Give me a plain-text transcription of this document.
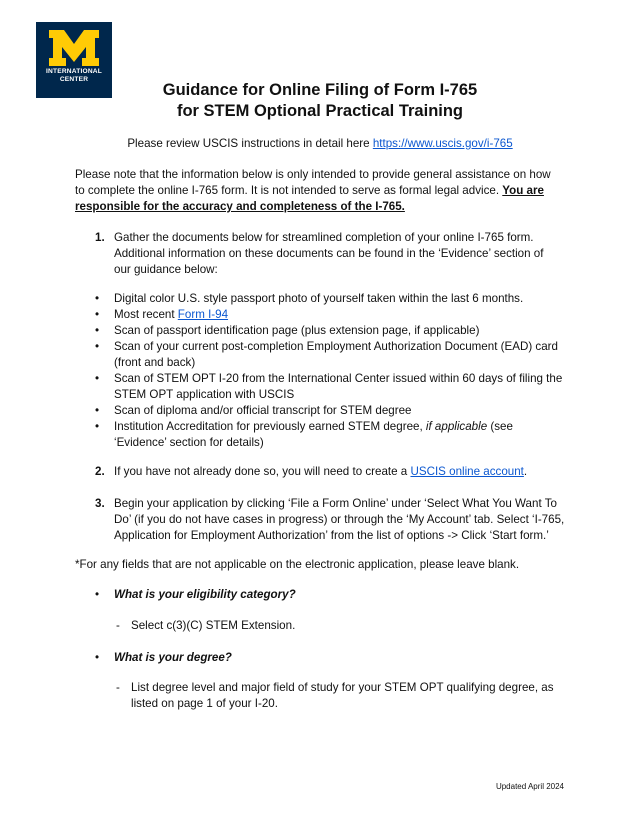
INTERNATIONAL
CENTER
Guidance for Online Filing of Form I-765
for STEM Optional Practical Training
Please review USCIS instructions in detail here https://www.uscis.gov/i-765
Please note that the information below is only intended to provide general assistance on how
to complete the online I-765 form. It is not intended to serve as formal legal advice. You are
responsible for the accuracy and completeness of the I-765.
1. Gather the documents below for streamlined completion of your online I-765 form.
Additional information on these documents can be found in the ‘Evidence’ section of
our guidance below:
• Digital color U.S. style passport photo of yourself taken within the last 6 months.
• Most recent Form I-94
• Scan of passport identification page (plus extension page, if applicable)
• Scan of your current post-completion Employment Authorization Document (EAD) card
(front and back)
• Scan of STEM OPT I-20 from the International Center issued within 60 days of filing the
STEM OPT application with USCIS
• Scan of diploma and/or official transcript for STEM degree
• Institution Accreditation for previously earned STEM degree, if applicable (see
‘Evidence’ section for details)
2. If you have not already done so, you will need to create a USCIS online account.
3. Begin your application by clicking ‘File a Form Online’ under ‘Select What You Want To
Do’ (if you do not have cases in progress) or through the ‘My Account’ tab. Select ‘I-765,
Application for Employment Authorization’ from the list of options -> Click ‘Start form.’
*For any fields that are not applicable on the electronic application, please leave blank.
• What is your eligibility category?
- Select c(3)(C) STEM Extension.
• What is your degree?
- List degree level and major field of study for your STEM OPT qualifying degree, as
listed on page 1 of your I-20.
Updated April 2024
